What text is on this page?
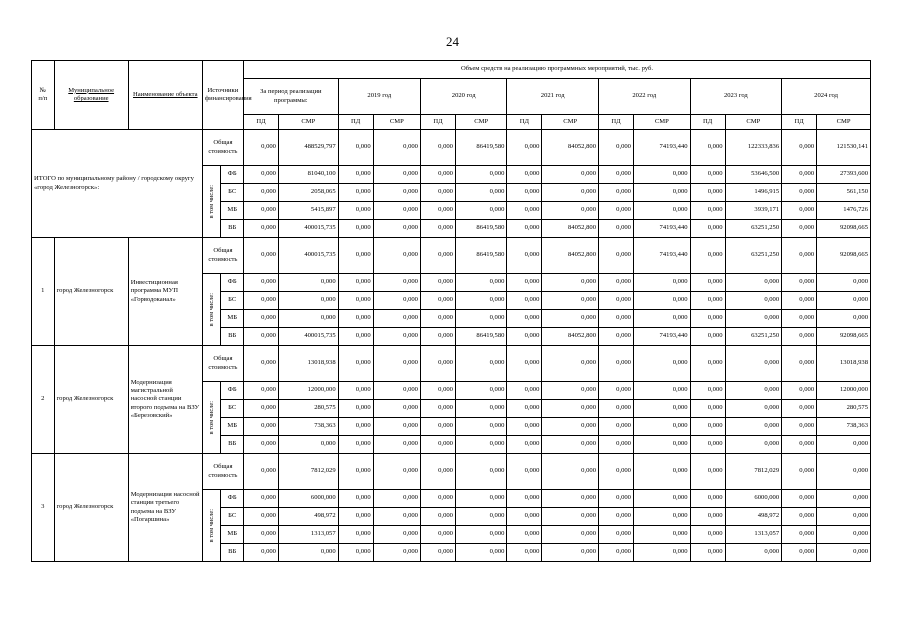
24
№
п/п	Муниципальное образование	Наименование объекта	Источники финансирования		Объем средств на реализацию программных мероприятий, тыс. руб.													
					За период реализации программы:		2019 год		2020 год		2021 год		2022 год		2023 год		2024 год	
					ПД	СМР	ПД	СМР	ПД	СМР	ПД	СМР	ПД	СМР	ПД	СМР	ПД	СМР
ИТОГО по муниципальному району / городскому округу «город Железногорск»:			Общая стоимость		0,000	488529,797	0,000	0,000	0,000	86419,580	0,000	84052,800	0,000	74193,440	0,000	122333,836	0,000	121530,141

			в том числе:	ФБ	0,000	81040,100	0,000	0,000	0,000	0,000	0,000	0,000	0,000	0,000	0,000	53646,500	0,000	27393,600
				БС	0,000	2058,065	0,000	0,000	0,000	0,000	0,000	0,000	0,000	0,000	0,000	1496,915	0,000	561,150
				МБ	0,000	5415,897	0,000	0,000	0,000	0,000	0,000	0,000	0,000	0,000	0,000	3939,171	0,000	1476,726
				ВБ	0,000	400015,735	0,000	0,000	0,000	86419,580	0,000	84052,800	0,000	74193,440	0,000	63251,250	0,000	92098,665
1	город Железногорск	Инвестиционная программа МУП «Горводоканал»	Общая стоимость		0,000	400015,735	0,000	0,000	0,000	86419,580	0,000	84052,800	0,000	74193,440	0,000	63251,250	0,000	92098,665

			в том числе:	ФБ	0,000	0,000	0,000	0,000	0,000	0,000	0,000	0,000	0,000	0,000	0,000	0,000	0,000	0,000
				БС	0,000	0,000	0,000	0,000	0,000	0,000	0,000	0,000	0,000	0,000	0,000	0,000	0,000	0,000
				МБ	0,000	0,000	0,000	0,000	0,000	0,000	0,000	0,000	0,000	0,000	0,000	0,000	0,000	0,000
				ВБ	0,000	400015,735	0,000	0,000	0,000	86419,580	0,000	84052,800	0,000	74193,440	0,000	63251,250	0,000	92098,665
2	город Железногорск	Модернизация магистральной насосной станции второго подъема на ВЗУ «Березовский»	Общая стоимость		0,000	13018,938	0,000	0,000	0,000	0,000	0,000	0,000	0,000	0,000	0,000	0,000	0,000	13018,938

			в том числе:	ФБ	0,000	12000,000	0,000	0,000	0,000	0,000	0,000	0,000	0,000	0,000	0,000	0,000	0,000	12000,000
				БС	0,000	280,575	0,000	0,000	0,000	0,000	0,000	0,000	0,000	0,000	0,000	0,000	0,000	280,575
				МБ	0,000	738,363	0,000	0,000	0,000	0,000	0,000	0,000	0,000	0,000	0,000	0,000	0,000	738,363
				ВБ	0,000	0,000	0,000	0,000	0,000	0,000	0,000	0,000	0,000	0,000	0,000	0,000	0,000	0,000
3	город Железногорск	Модернизация насосной станции третьего подъема на ВЗУ «Погаршина»	Общая стоимость		0,000	7812,029	0,000	0,000	0,000	0,000	0,000	0,000	0,000	0,000	0,000	7812,029	0,000	0,000

			в том числе:	ФБ	0,000	6000,000	0,000	0,000	0,000	0,000	0,000	0,000	0,000	0,000	0,000	6000,000	0,000	0,000
				БС	0,000	498,972	0,000	0,000	0,000	0,000	0,000	0,000	0,000	0,000	0,000	498,972	0,000	0,000
				МБ	0,000	1313,057	0,000	0,000	0,000	0,000	0,000	0,000	0,000	0,000	0,000	1313,057	0,000	0,000
				ВБ	0,000	0,000	0,000	0,000	0,000	0,000	0,000	0,000	0,000	0,000	0,000	0,000	0,000	0,000
